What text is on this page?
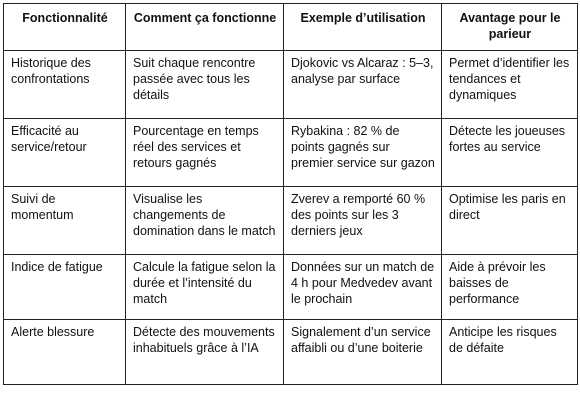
Fonctionnalité	Comment ça fonctionne	Exemple d’utilisation	Avantage pour le parieur
Historique des confrontations	Suit chaque rencontre passée avec tous les détails	Djokovic vs Alcaraz : 5–3, analyse par surface	Permet d’identifier les tendances et dynamiques
Efficacité au service/retour	Pourcentage en temps réel des services et retours gagnés	Rybakina : 82 % de points gagnés sur premier service sur gazon	Détecte les joueuses fortes au service
Suivi de momentum	Visualise les changements de domination dans le match	Zverev a remporté 60 % des points sur les 3 derniers jeux	Optimise les paris en direct
Indice de fatigue	Calcule la fatigue selon la durée et l’intensité du match	Données sur un match de 4 h pour Medvedev avant le prochain	Aide à prévoir les baisses de performance
Alerte blessure	Détecte des mouvements inhabituels grâce à l’IA	Signalement d’un service affaibli ou d’une boiterie	Anticipe les risques de défaite
